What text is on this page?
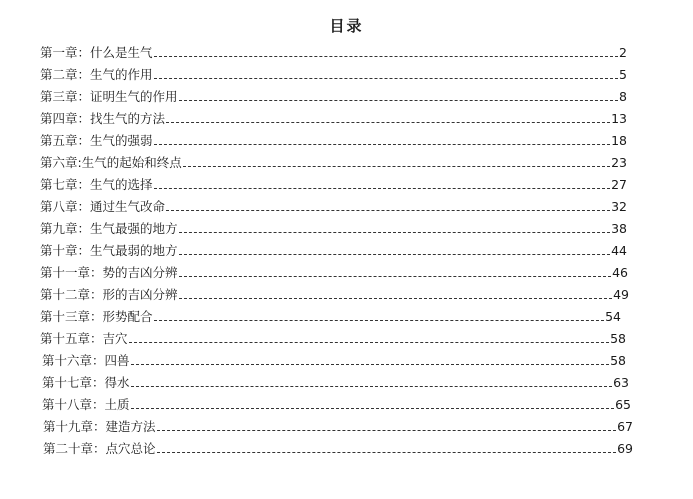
目录
第一章： 什么是生气	2
第二章： 生气的作用	5
第三章： 证明生气的作用	8
第四章： 找生气的方法	13
第五章： 生气的强弱	18
第六章: 生气的起始和终点	23
第七章： 生气的选择	27
第八章： 通过生气改命	32
第九章： 生气最强的地方	38
第十章： 生气最弱的地方	44
第十一章： 势的吉凶分辨	46
第十二章： 形的吉凶分辨	49
第十三章： 形势配合	54
第十五章： 吉穴	58
第十六章： 四兽	58
第十七章： 得水	63
第十八章： 土质	65
第十九章： 建造方法	67
第二十章： 点穴总论	69
